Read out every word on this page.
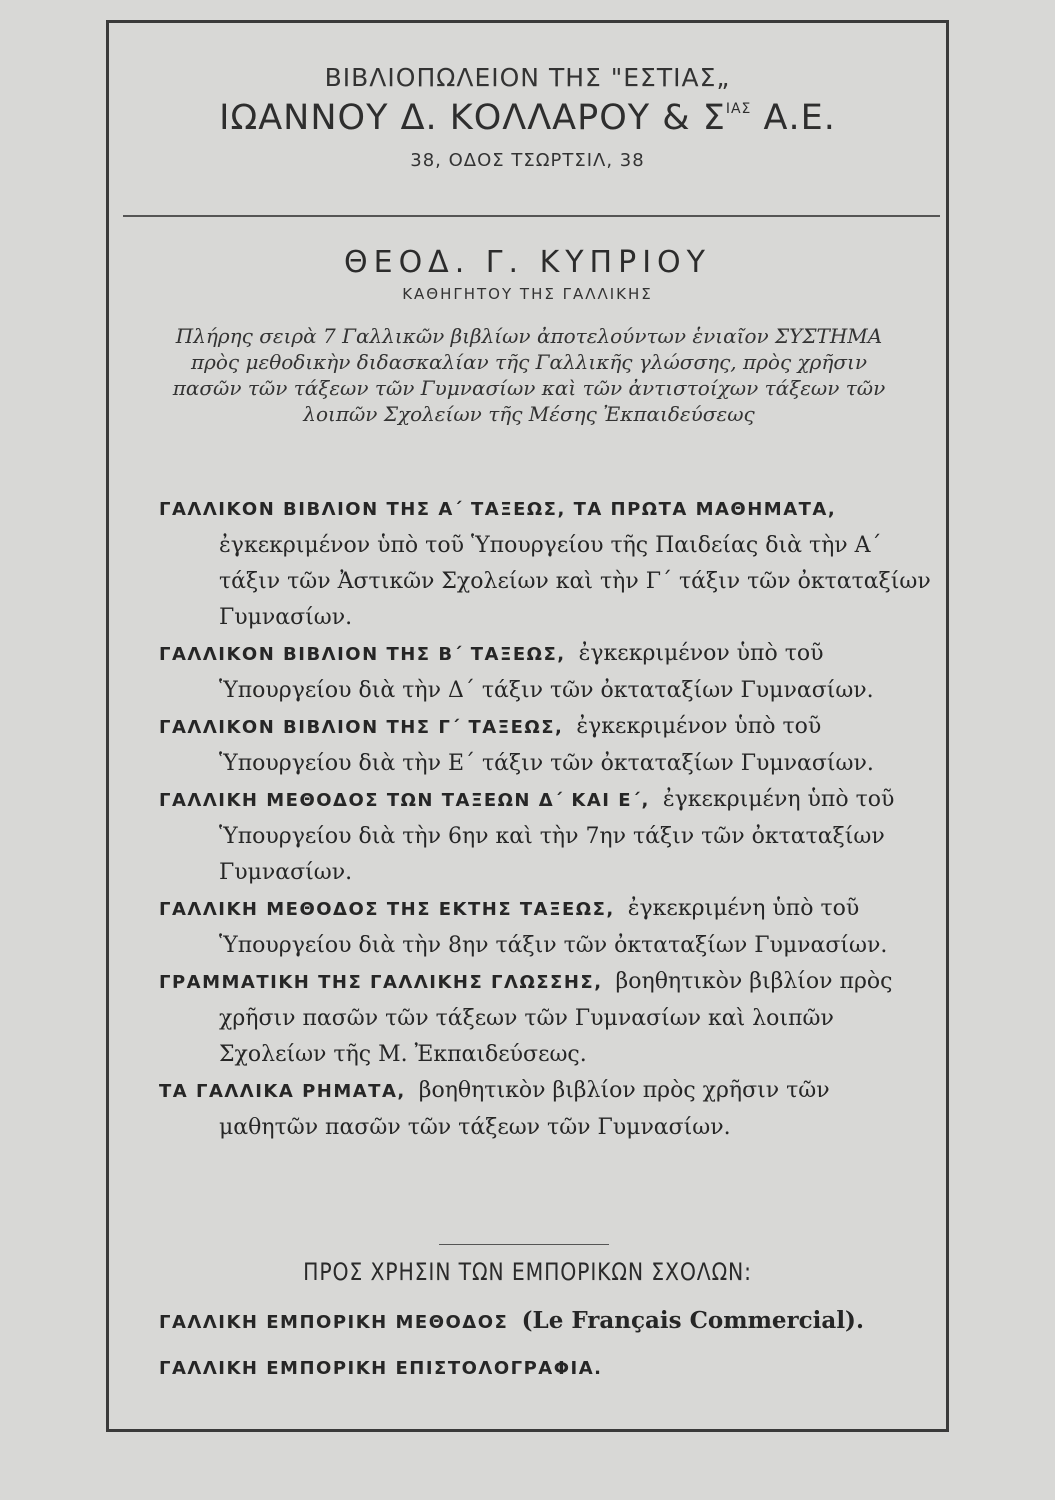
ΒΙΒΛΙΟΠΩΛΕΙΟΝ ΤΗΣ "ΕΣΤΙΑΣ„
ΙΩΑΝΝΟΥ Δ. ΚΟΛΛΑΡΟΥ & $\Sigma^{IA\Sigma}$ Α.Ε.
38, ΟΔΟΣ ΤΣΩΡΤΣΙΛ, 38
ΘΕΟΔ. Γ. ΚΥΠΡΙΟΥ
ΚΑΘΗΓΗΤΟΥ ΤΗΣ ΓΑΛΛΙΚΗΣ
Πλήρης σειρὰ 7 Γαλλικῶν βιβλίων ἀποτελούντων ἑνιαῖον ΣΥΣΤΗΜΑ πρὸς μεθοδικὴν διδασκαλίαν τῆς Γαλλικῆς γλώσσης, πρὸς χρῆσιν πασῶν τῶν τάξεων τῶν Γυμνασίων καὶ τῶν ἀντιστοίχων τάξεων τῶν λοιπῶν Σχολείων τῆς Μέσης Ἐκπαιδεύσεως
ΓΑΛΛΙΚΟΝ ΒΙΒΛΙΟΝ ΤΗΣ Α΄ ΤΑΞΕΩΣ, ΤΑ ΠΡΩΤΑ ΜΑΘΗΜΑΤΑ, ἐγκεκριμένον ὑπὸ τοῦ Ὑπουργείου τῆς Παιδείας διὰ τὴν Α΄ τάξιν τῶν Ἀστικῶν Σχολείων καὶ τὴν Γ΄ τάξιν τῶν ὀκταταξίων Γυμνασίων.
ΓΑΛΛΙΚΟΝ ΒΙΒΛΙΟΝ ΤΗΣ Β΄ ΤΑΞΕΩΣ, ἐγκεκριμένον ὑπὸ τοῦ Ὑπουργείου διὰ τὴν Δ΄ τάξιν τῶν ὀκταταξίων Γυμνασίων.
ΓΑΛΛΙΚΟΝ ΒΙΒΛΙΟΝ ΤΗΣ Γ΄ ΤΑΞΕΩΣ, ἐγκεκριμένον ὑπὸ τοῦ Ὑπουργείου διὰ τὴν Ε΄ τάξιν τῶν ὀκταταξίων Γυμνασίων.
ΓΑΛΛΙΚΗ ΜΕΘΟΔΟΣ ΤΩΝ ΤΑΞΕΩΝ Δ΄ ΚΑΙ Ε΄, ἐγκεκριμένη ὑπὸ τοῦ Ὑπουργείου διὰ τὴν 6ην καὶ τὴν 7ην τάξιν τῶν ὀκταταξίων Γυμνασίων.
ΓΑΛΛΙΚΗ ΜΕΘΟΔΟΣ ΤΗΣ ΕΚΤΗΣ ΤΑΞΕΩΣ, ἐγκεκριμένη ὑπὸ τοῦ Ὑπουργείου διὰ τὴν 8ην τάξιν τῶν ὀκταταξίων Γυμνασίων.
ΓΡΑΜΜΑΤΙΚΗ ΤΗΣ ΓΑΛΛΙΚΗΣ ΓΛΩΣΣΗΣ, βοηθητικὸν βιβλίον πρὸς χρῆσιν πασῶν τῶν τάξεων τῶν Γυμνασίων καὶ λοιπῶν Σχολείων τῆς Μ. Ἐκπαιδεύσεως.
ΤΑ ΓΑΛΛΙΚΑ ΡΗΜΑΤΑ, βοηθητικὸν βιβλίον πρὸς χρῆσιν τῶν μαθητῶν πασῶν τῶν τάξεων τῶν Γυμνασίων.
ΠΡΟΣ ΧΡΗΣΙΝ ΤΩΝ ΕΜΠΟΡΙΚΩΝ ΣΧΟΛΩΝ:
ΓΑΛΛΙΚΗ ΕΜΠΟΡΙΚΗ ΜΕΘΟΔΟΣ (Le Français Commercial).
ΓΑΛΛΙΚΗ ΕΜΠΟΡΙΚΗ ΕΠΙΣΤΟΛΟΓΡΑΦΙΑ.
